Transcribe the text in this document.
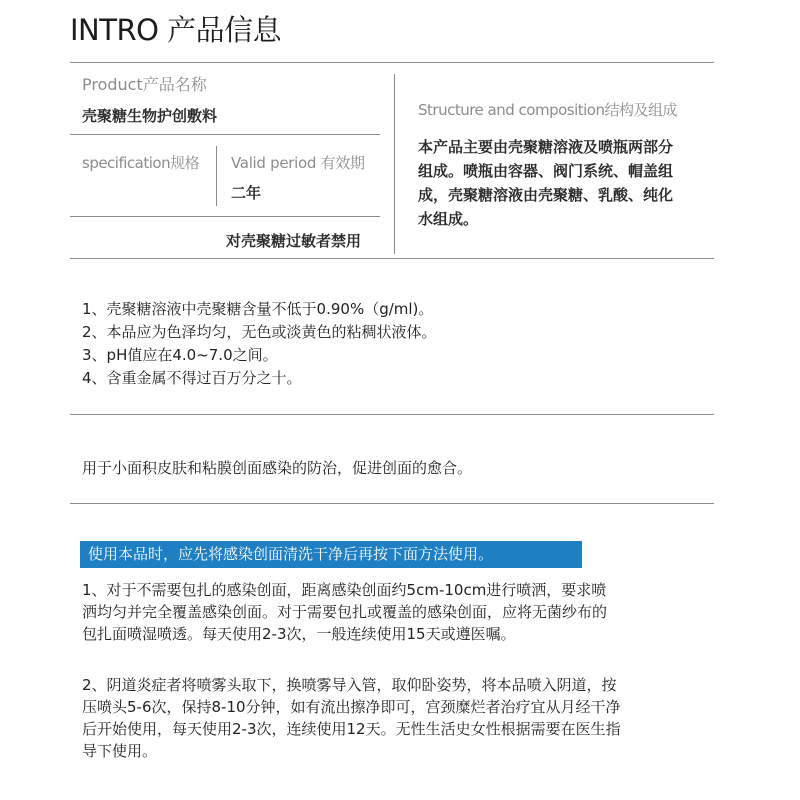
INTRO 产品信息
Product产品名称
壳聚糖生物护创敷料
specification规格 Valid period 有效期
二年
对壳聚糖过敏者禁用
Structure and composition结构及组成
本产品主要由壳聚糖溶液及喷瓶两部分
组成。喷瓶由容器、阀门系统、帽盖组
成，壳聚糖溶液由壳聚糖、乳酸、纯化
水组成。
1、壳聚糖溶液中壳聚糖含量不低于0.90%（g/ml)。
2、本品应为色泽均匀，无色或淡黄色的粘稠状液体。
3、pH值应在4.0~7.0之间。
4、含重金属不得过百万分之十。
用于小面积皮肤和粘膜创面感染的防治，促进创面的愈合。
使用本品时，应先将感染创面清洗干净后再按下面方法使用。
1、对于不需要包扎的感染创面，距离感染创面约5cm-10cm进行喷洒，要求喷
洒均匀并完全覆盖感染创面。对于需要包扎或覆盖的感染创面，应将无菌纱布的
包扎面喷湿喷透。每天使用2-3次，一般连续使用15天或遵医嘱。
2、阴道炎症者将喷雾头取下，换喷雾导入管，取仰卧姿势，将本品喷入阴道，按
压喷头5-6次，保持8-10分钟，如有流出擦净即可，宫颈糜烂者治疗宜从月经干净
后开始使用，每天使用2-3次，连续使用12天。无性生活史女性根据需要在医生指
导下使用。
